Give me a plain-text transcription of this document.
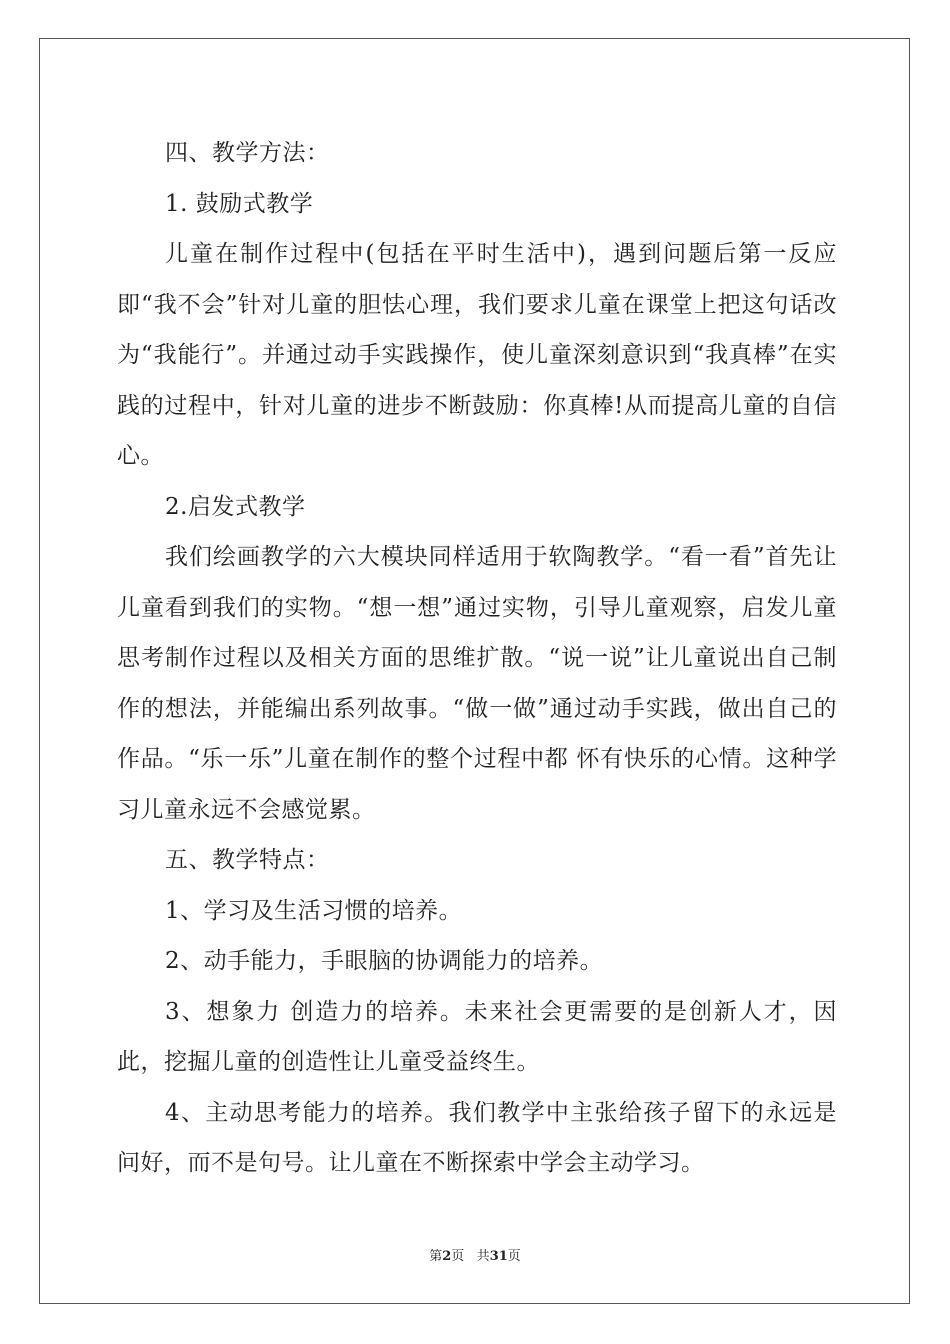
四、教学方法：

1. 鼓励式教学

儿童在制作过程中(包括在平时生活中)，遇到问题后第一反应即“我不会”针对儿童的胆怯心理，我们要求儿童在课堂上把这句话改为“我能行”。并通过动手实践操作，使儿童深刻意识到“我真棒”在实践的过程中，针对儿童的进步不断鼓励：你真棒!从而提高儿童的自信心。

2.启发式教学

我们绘画教学的六大模块同样适用于软陶教学。“看一看”首先让儿童看到我们的实物。“想一想”通过实物，引导儿童观察，启发儿童思考制作过程以及相关方面的思维扩散。“说一说”让儿童说出自己制作的想法，并能编出系列故事。“做一做”通过动手实践，做出自己的作品。“乐一乐”儿童在制作的整个过程中都 怀有快乐的心情。这种学习儿童永远不会感觉累。

五、教学特点：

1、学习及生活习惯的培养。

2、动手能力，手眼脑的协调能力的培养。

3、想象力 创造力的培养。未来社会更需要的是创新人才，因此，挖掘儿童的创造性让儿童受益终生。

4、主动思考能力的培养。我们教学中主张给孩子留下的永远是问好，而不是句号。让儿童在不断探索中学会主动学习。

第2页 共31页
